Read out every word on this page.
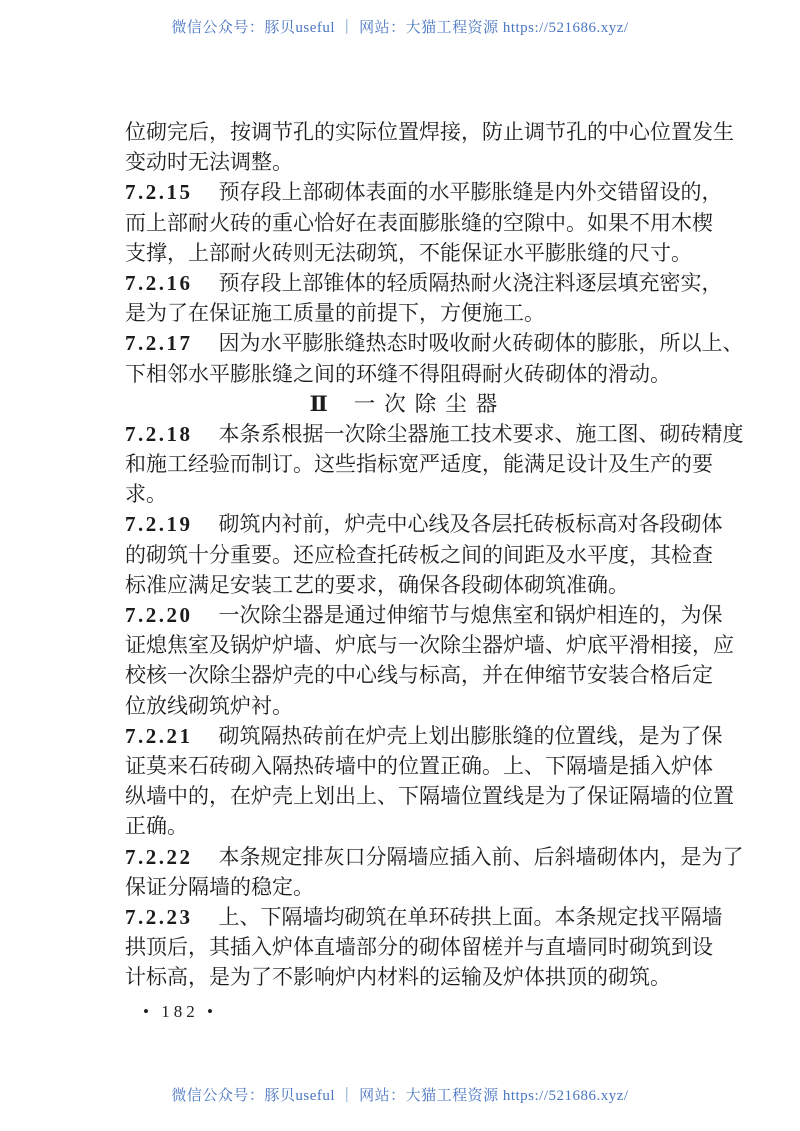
微信公众号：豚贝useful ｜ 网站：大猫工程资源 https://521686.xyz/
位砌完后，按调节孔的实际位置焊接，防止调节孔的中心位置发生
变动时无法调整。
7.2.15 预存段上部砌体表面的水平膨胀缝是内外交错留设的，
而上部耐火砖的重心恰好在表面膨胀缝的空隙中。如果不用木楔
支撑，上部耐火砖则无法砌筑，不能保证水平膨胀缝的尺寸。
7.2.16 预存段上部锥体的轻质隔热耐火浇注料逐层填充密实，
是为了在保证施工质量的前提下，方便施工。
7.2.17 因为水平膨胀缝热态时吸收耐火砖砌体的膨胀，所以上、
下相邻水平膨胀缝之间的环缝不得阻碍耐火砖砌体的滑动。
Ⅱ 一次除尘器
7.2.18 本条系根据一次除尘器施工技术要求、施工图、砌砖精度
和施工经验而制订。这些指标宽严适度，能满足设计及生产的要
求。
7.2.19 砌筑内衬前，炉壳中心线及各层托砖板标高对各段砌体
的砌筑十分重要。还应检查托砖板之间的间距及水平度，其检查
标准应满足安装工艺的要求，确保各段砌体砌筑准确。
7.2.20 一次除尘器是通过伸缩节与熄焦室和锅炉相连的，为保
证熄焦室及锅炉炉墙、炉底与一次除尘器炉墙、炉底平滑相接，应
校核一次除尘器炉壳的中心线与标高，并在伸缩节安装合格后定
位放线砌筑炉衬。
7.2.21 砌筑隔热砖前在炉壳上划出膨胀缝的位置线，是为了保
证莫来石砖砌入隔热砖墙中的位置正确。上、下隔墙是插入炉体
纵墙中的，在炉壳上划出上、下隔墙位置线是为了保证隔墙的位置
正确。
7.2.22 本条规定排灰口分隔墙应插入前、后斜墙砌体内，是为了
保证分隔墙的稳定。
7.2.23 上、下隔墙均砌筑在单环砖拱上面。本条规定找平隔墙
拱顶后，其插入炉体直墙部分的砌体留槎并与直墙同时砌筑到设
计标高，是为了不影响炉内材料的运输及炉体拱顶的砌筑。
• 182 •
微信公众号：豚贝useful ｜ 网站：大猫工程资源 https://521686.xyz/
